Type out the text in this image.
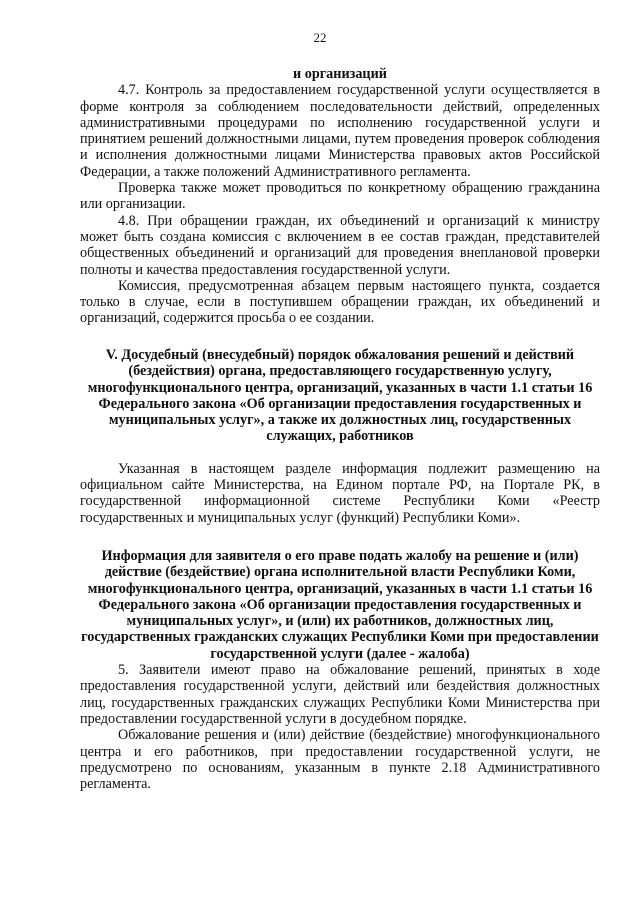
22
и организаций

4.7. Контроль за предоставлением государственной услуги осуществляется в форме контроля за соблюдением последовательности действий, определенных административными процедурами по исполнению государственной услуги и принятием решений должностными лицами, путем проведения проверок соблюдения и исполнения должностными лицами Министерства правовых актов Российской Федерации, а также положений Административного регламента.

Проверка также может проводиться по конкретному обращению гражданина или организации.

4.8. При обращении граждан, их объединений и организаций к министру может быть создана комиссия с включением в ее состав граждан, представителей общественных объединений и организаций для проведения внеплановой проверки полноты и качества предоставления государственной услуги.

Комиссия, предусмотренная абзацем первым настоящего пункта, создается только в случае, если в поступившем обращении граждан, их объединений и организаций, содержится просьба о ее создании.

V. Досудебный (внесудебный) порядок обжалования решений и действий (бездействия) органа, предоставляющего государственную услугу, многофункционального центра, организаций, указанных в части 1.1 статьи 16 Федерального закона «Об организации предоставления государственных и муниципальных услуг», а также их должностных лиц, государственных служащих, работников

Указанная в настоящем разделе информация подлежит размещению на официальном сайте Министерства, на Едином портале РФ, на Портале РК, в государственной информационной системе Республики Коми «Реестр государственных и муниципальных услуг (функций) Республики Коми».

Информация для заявителя о его праве подать жалобу на решение и (или) действие (бездействие) органа исполнительной власти Республики Коми, многофункционального центра, организаций, указанных в части 1.1 статьи 16 Федерального закона «Об организации предоставления государственных и муниципальных услуг», и (или) их работников, должностных лиц, государственных гражданских служащих Республики Коми при предоставлении государственной услуги (далее - жалоба)

5. Заявители имеют право на обжалование решений, принятых в ходе предоставления государственной услуги, действий или бездействия должностных лиц, государственных гражданских служащих Республики Коми Министерства при предоставлении государственной услуги в досудебном порядке.

Обжалование решения и (или) действие (бездействие) многофункционального центра и его работников, при предоставлении государственной услуги, не предусмотрено по основаниям, указанным в пункте 2.18 Административного регламента.
